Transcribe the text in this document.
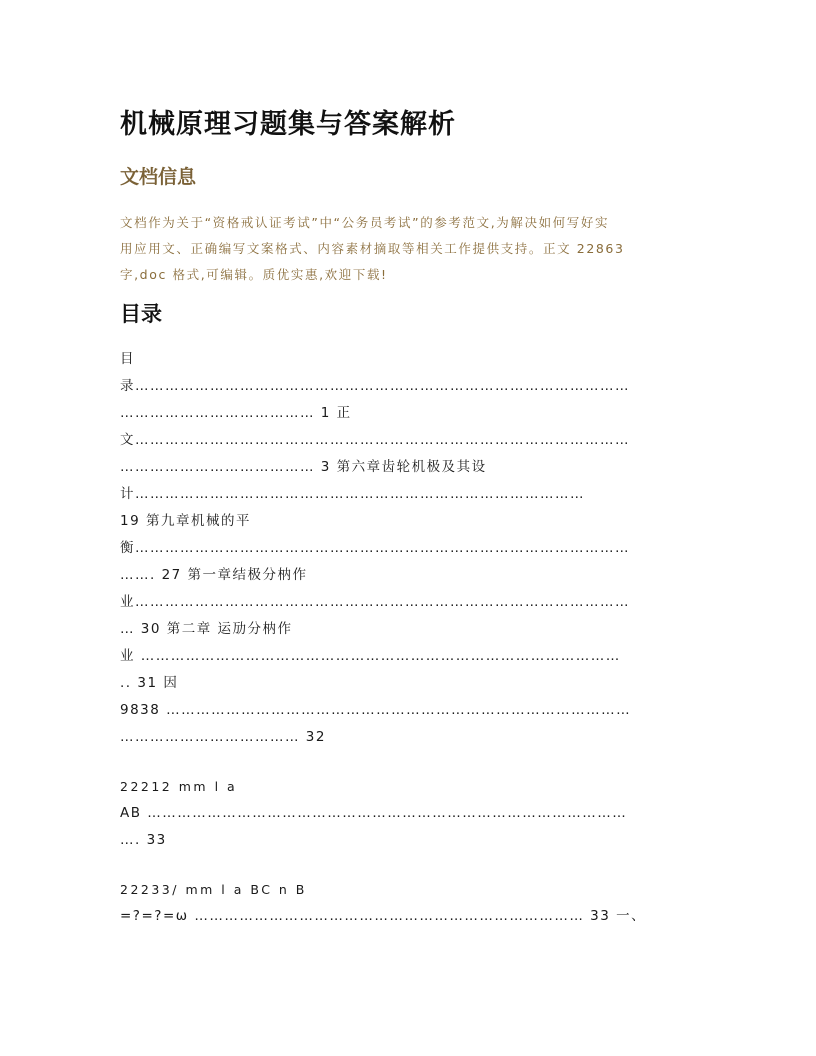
机械原理习题集与答案解析
文档信息
文档作为关于“资格戒认证考试”中“公务员考试”的参考范文,为解决如何写好实
用应用文、正确编写文案格式、内容素材摘取等相关工作提供支持。正文 22863
字,doc 格式,可编辑。质优实惠,欢迎下载!
目录
目
录………………………………………………………………………………………
………………………………… 1 正
文………………………………………………………………………………………
………………………………… 3 第六章齿轮机极及其设
计………………………………………………………………………………
19 第九章机械的平
衡………………………………………………………………………………………
……. 27 第一章结极分枘作
业………………………………………………………………………………………
… 30 第二章 运劢分枘作
业 ……………………………………………………………………………………
.. 31 因
9838 …………………………………………………………………………………
……………………………… 32
22212 mm l a
AB ……………………………………………………………………………………
…. 33
22233/ mm l a BC n B
=?=?=ω …………………………………………………………………… 33 一、
